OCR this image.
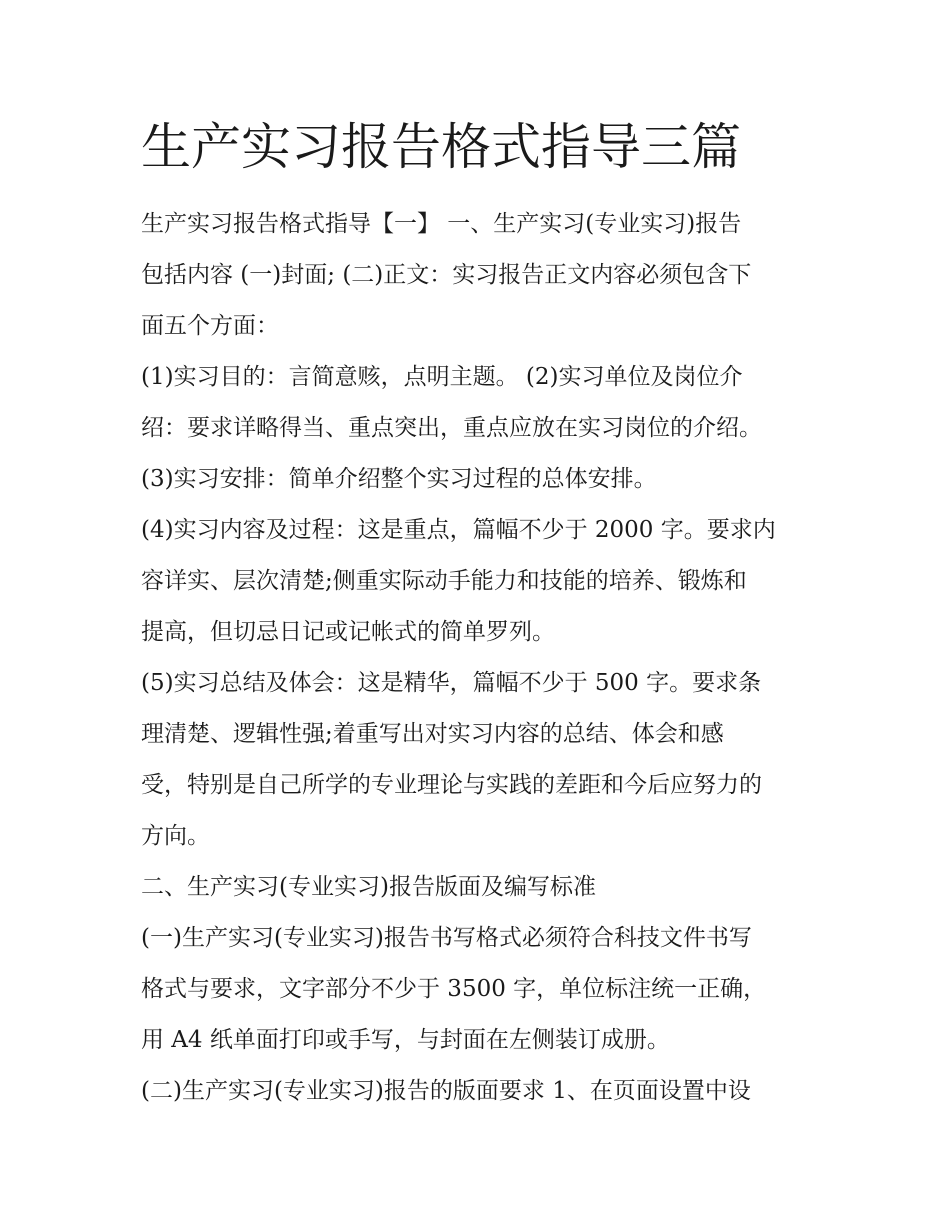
生产实习报告格式指导三篇

生产实习报告格式指导【一】 一、生产实习(专业实习)报告

包括内容 (一)封面; (二)正文：实习报告正文内容必须包含下

面五个方面：

(1)实习目的：言简意赅，点明主题。 (2)实习单位及岗位介

绍：要求详略得当、重点突出，重点应放在实习岗位的介绍。

(3)实习安排：简单介绍整个实习过程的总体安排。

(4)实习内容及过程：这是重点，篇幅不少于 2000 字。要求内

容详实、层次清楚;侧重实际动手能力和技能的培养、锻炼和

提高，但切忌日记或记帐式的简单罗列。

(5)实习总结及体会：这是精华，篇幅不少于 500 字。要求条

理清楚、逻辑性强;着重写出对实习内容的总结、体会和感

受，特别是自己所学的专业理论与实践的差距和今后应努力的

方向。

二、生产实习(专业实习)报告版面及编写标准

(一)生产实习(专业实习)报告书写格式必须符合科技文件书写

格式与要求，文字部分不少于 3500 字，单位标注统一正确，

用 A4 纸单面打印或手写，与封面在左侧装订成册。

(二)生产实习(专业实习)报告的版面要求 1、在页面设置中设
